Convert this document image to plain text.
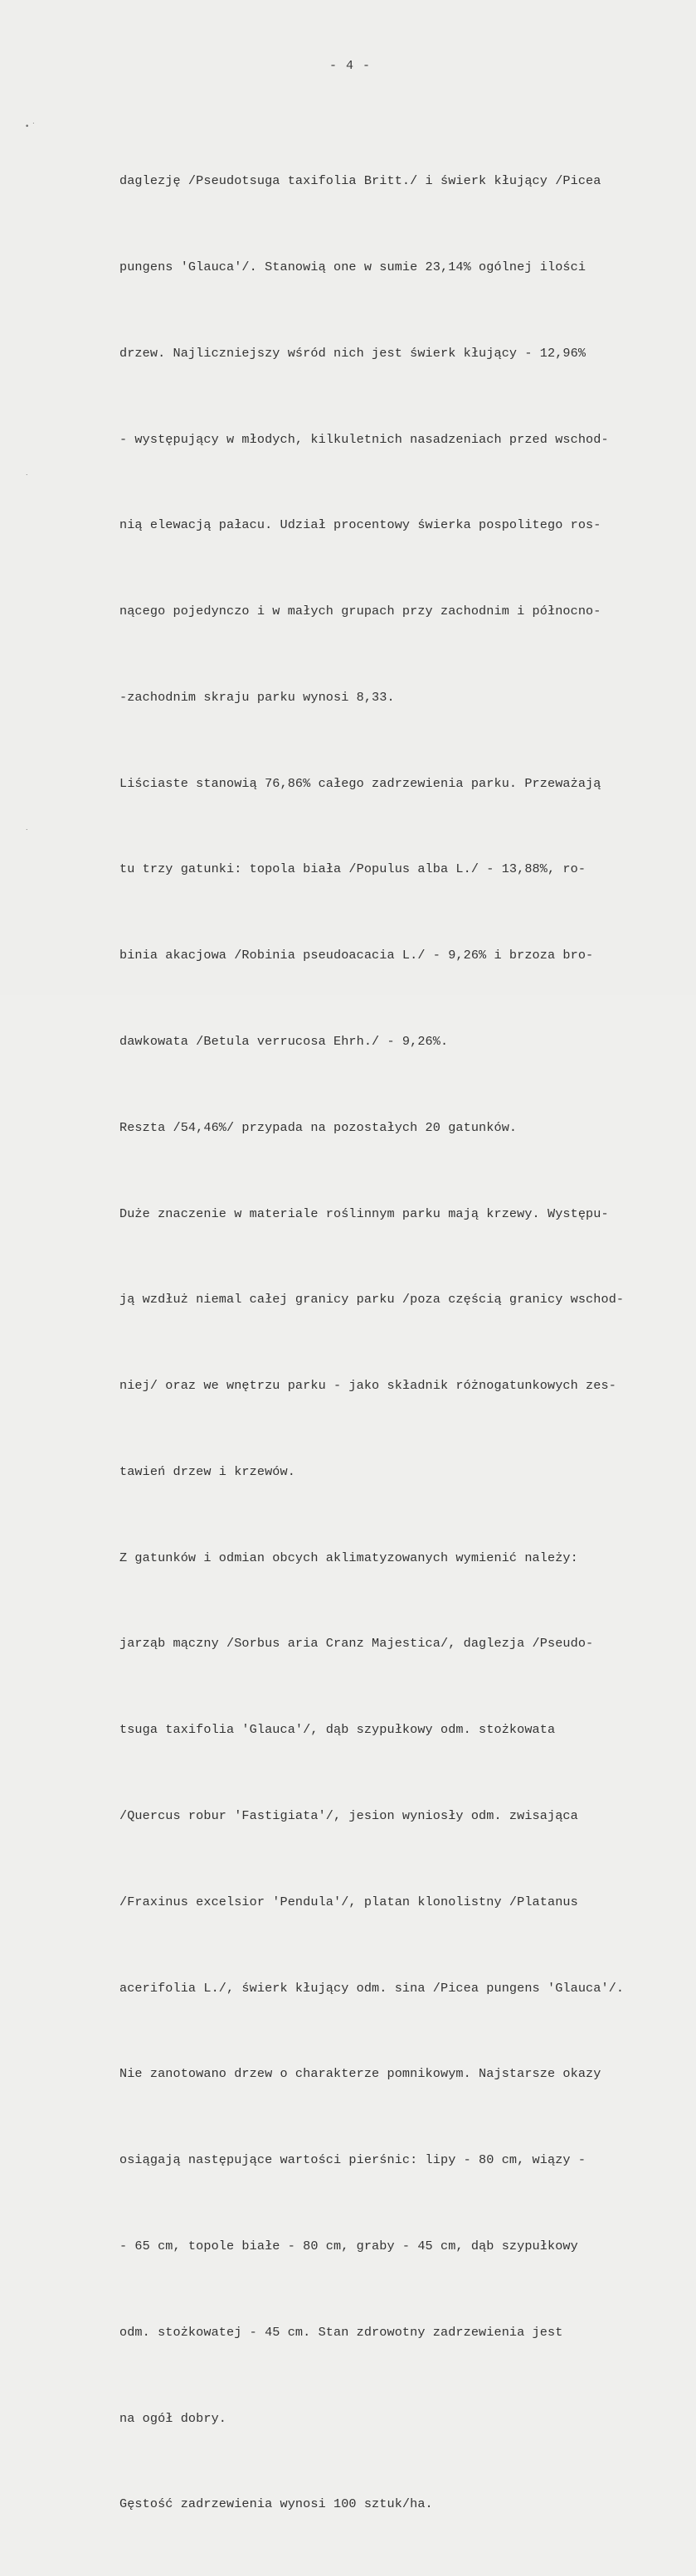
- 4 -
• ˙
˙
˙

daglezję /Pseudotsuga taxifolia Britt./ i świerk kłujący /Picea

pungens 'Glauca'/. Stanowią one w sumie 23,14% ogólnej ilości

drzew. Najliczniejszy wśród nich jest świerk kłujący - 12,96%

- występujący w młodych, kilkuletnich nasadzeniach przed wschod-

nią elewacją pałacu. Udział procentowy świerka pospolitego ros-

nącego pojedynczo i w małych grupach przy zachodnim i północno-

-zachodnim skraju parku wynosi 8,33.

Liściaste stanowią 76,86% całego zadrzewienia parku. Przeważają

tu trzy gatunki: topola biała /Populus alba L./ - 13,88%, ro-

binia akacjowa /Robinia pseudoacacia L./ - 9,26% i brzoza bro-

dawkowata /Betula verrucosa Ehrh./ - 9,26%.

Reszta /54,46%/ przypada na pozostałych 20 gatunków.

Duże znaczenie w materiale roślinnym parku mają krzewy. Występu-

ją wzdłuż niemal całej granicy parku /poza częścią granicy wschod-

niej/ oraz we wnętrzu parku - jako składnik różnogatunkowych zes-

tawień drzew i krzewów.

Z gatunków i odmian obcych aklimatyzowanych wymienić należy:

jarząb mączny /Sorbus aria Cranz Majestica/, daglezja /Pseudo-

tsuga taxifolia 'Glauca'/, dąb szypułkowy odm. stożkowata

/Quercus robur 'Fastigiata'/, jesion wyniosły odm. zwisająca

/Fraxinus excelsior 'Pendula'/, platan klonolistny /Platanus

acerifolia L./, świerk kłujący odm. sina /Picea pungens 'Glauca'/.

Nie zanotowano drzew o charakterze pomnikowym. Najstarsze okazy

osiągają następujące wartości pierśnic: lipy - 80 cm, wiązy -

- 65 cm, topole białe - 80 cm, graby - 45 cm, dąb szypułkowy

odm. stożkowatej - 45 cm. Stan zdrowotny zadrzewienia jest

na ogół dobry.

Gęstość zadrzewienia wynosi 100 sztuk/ha.
